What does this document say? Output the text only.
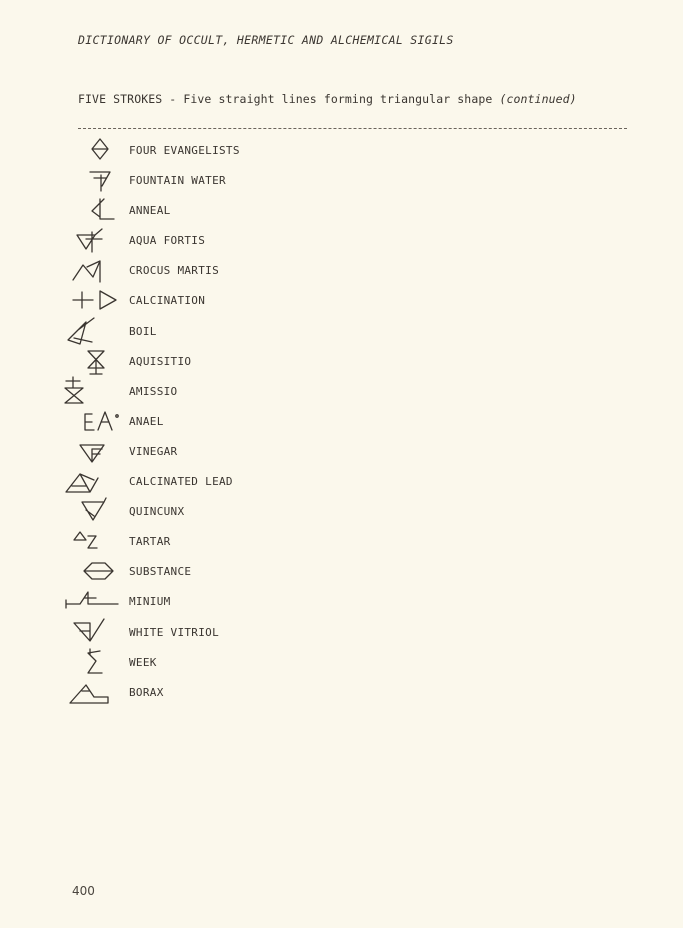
DICTIONARY OF OCCULT, HERMETIC AND ALCHEMICAL SIGILS
FIVE STROKES - Five straight lines forming triangular shape (continued)
FOUR EVANGELISTS
FOUNTAIN WATER
ANNEAL
AQUA FORTIS
CROCUS MARTIS
CALCINATION
BOIL
AQUISITIO
AMISSIO
ANAEL
VINEGAR
CALCINATED LEAD
QUINCUNX
TARTAR
SUBSTANCE
MINIUM
WHITE VITRIOL
WEEK
BORAX
400
